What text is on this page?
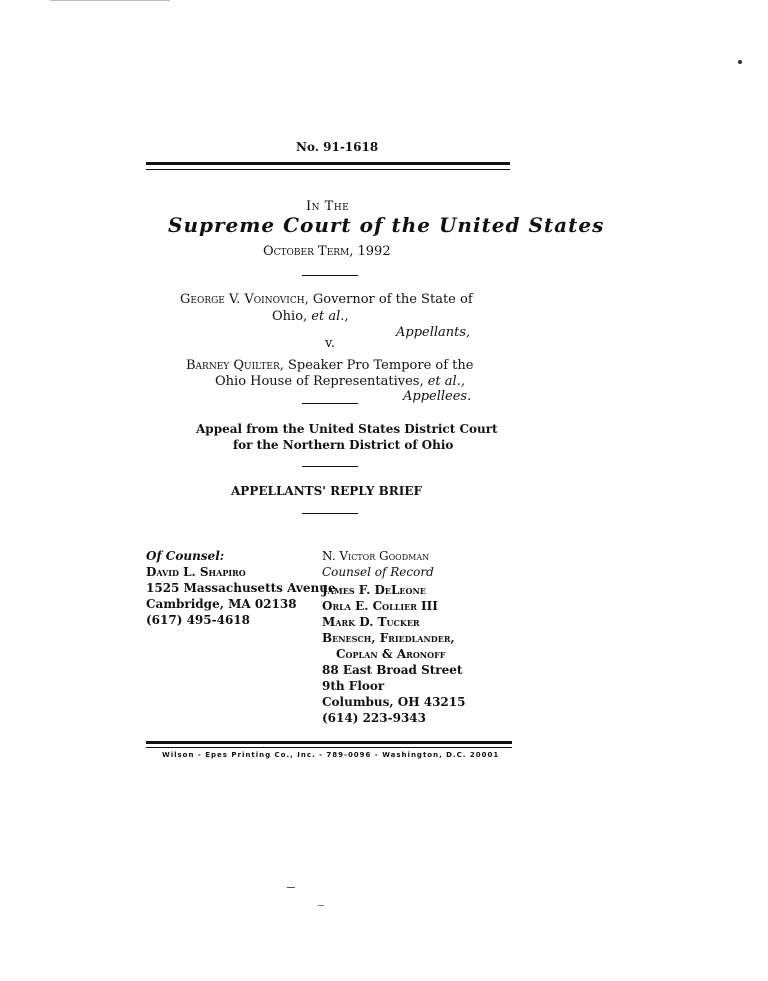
No. 91-1618
In The
Supreme Court of the United States
October Term, 1992
George V. Voinovich, Governor of the State of
Ohio, et al.,
Appellants,
v.
Barney Quilter, Speaker Pro Tempore of the
Ohio House of Representatives, et al.,
Appellees.
Appeal from the United States District Court
for the Northern District of Ohio
APPELLANTS' REPLY BRIEF
Of Counsel:
David L. Shapiro
1525 Massachusetts Avenue
Cambridge, MA 02138
(617) 495-4618
N. Victor Goodman
Counsel of Record
James F. DeLeone
Orla E. Collier III
Mark D. Tucker
Benesch, Friedlander,
Coplan & Aronoff
88 East Broad Street
9th Floor
Columbus, OH 43215
(614) 223-9343
Wilson - Epes Printing Co., Inc. - 789-0096 - Washington, D.C. 20001
